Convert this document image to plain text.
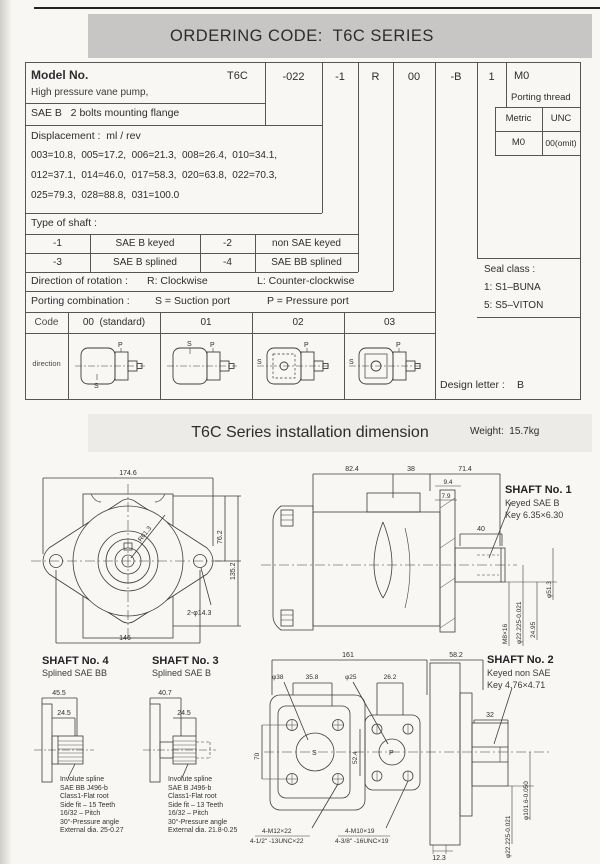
ORDERING CODE:  T6C SERIES
Model No.	T6C	-022	-1	R	00	-B	1	M0
High pressure vane pump,
SAE B   2 bolts mounting flange
Displacement :  ml / rev
003=10.8,  005=17.2,  006=21.3,  008=26.4,  010=34.1,
012=37.1,  014=46.0,  017=58.3,  020=63.8,  022=70.3,
025=79.3,  028=88.8,  031=100.0
Type of shaft :
-1	SAE B keyed	-2	non SAE keyed
-3	SAE B splined	-4	SAE BB splined
Direction of rotation : R: Clockwise	L: Counter-clockwise
Porting combination : S = Suction port	P = Pressure port
Code	00  (standard)	01	02	03
direction
P
S
S	P
S
P
S
P
Porting thread
Metric	UNC
M0	00(omit)
Seal class :
1: S1–BUNA
5: S5–VITON
Design letter : B
T6C Series installation dimension	Weight:  15.7kg
174.6
146
76.2
135.2
2-φ14.3
R61.3
82.4	38	71.4
9.4
7.9
40
M8×16 φ22.225-0.021 24.95
φ51.3
SHAFT No. 1
Keyed SAE B
Key 6.35×6.30
SHAFT No. 4
Splined SAE BB
45.5
24.5
Involute spline
SAE BB J496-b
Class1-Flat root
Side fit – 15 Teeth
16/32 – Pitch
30°-Pressure angle
External dia. 25-0.27
SHAFT No. 3
Splined SAE B
40.7
24.5
Involute spline
SAE B J496-b
Class1-Flat root
Side fit – 13 Teeth
16/32 – Pitch
30°-Pressure angle
External dia. 21.8-0.25
161	58.2
φ38	35.8	φ25	26.2
70	52.4
S	P
4-M12×22
4-1/2" -13UNC×22
4-M10×19
4-3/8" -16UNC×19
32
φ22.225-0.021
φ101.6-0.050
12.3
SHAFT No. 2
Keyed non SAE
Key 4.76×4.71
